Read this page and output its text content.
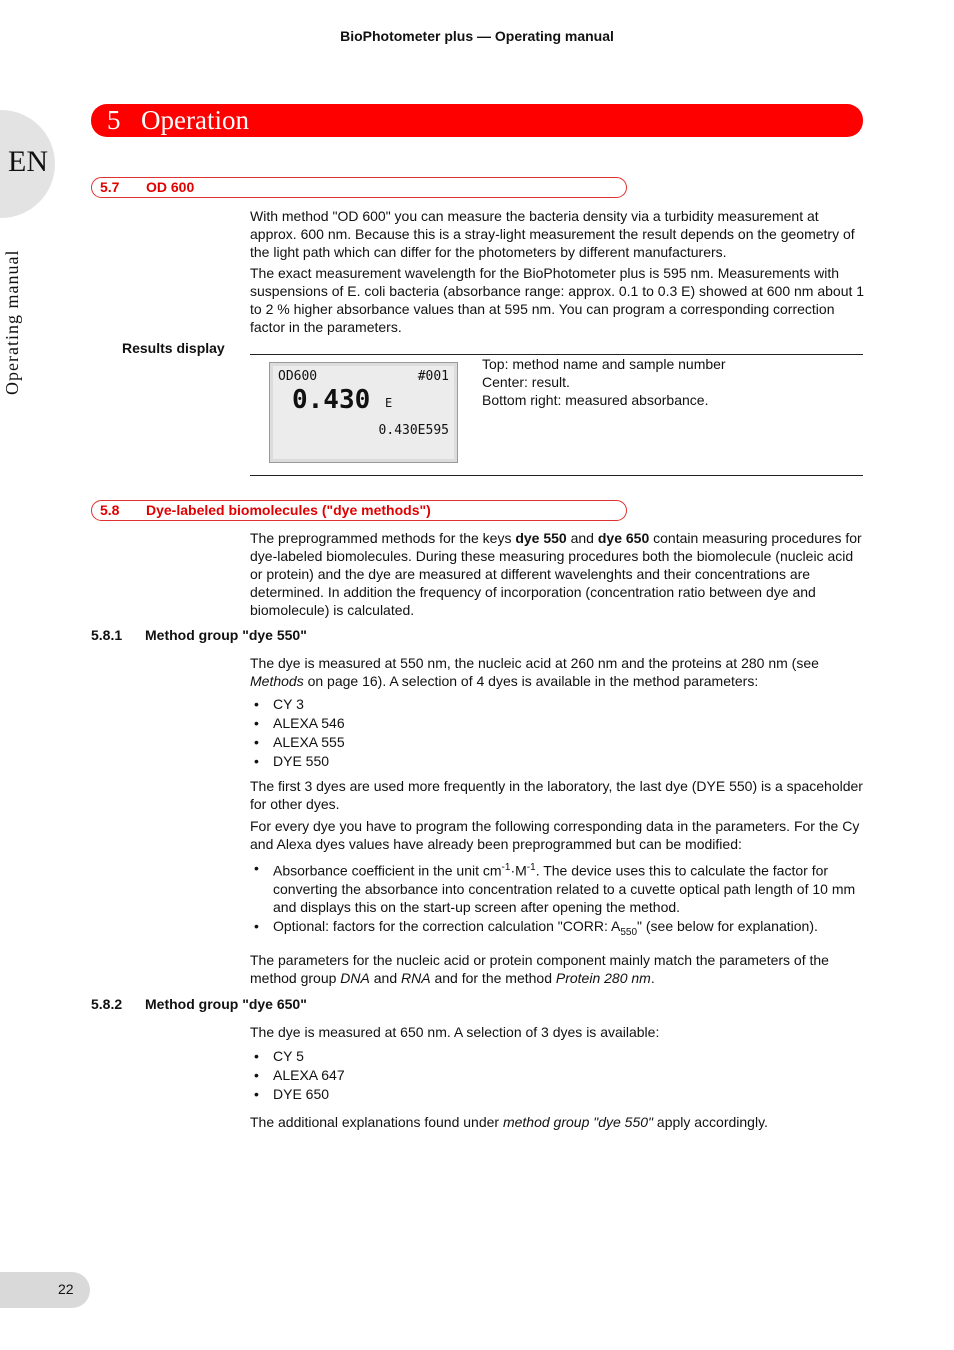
BioPhotometer plus — Operating manual
EN
Operating manual
5 Operation
5.7 OD 600

With method "OD 600" you can measure the bacteria density via a turbidity measurement at approx. 600 nm. Because this is a stray-light measurement the result depends on the geometry of the light path which can differ for the photometers by different manufacturers.

The exact measurement wavelength for the BioPhotometer plus is 595 nm. Measurements with suspensions of E. coli bacteria (absorbance range: approx. 0.1 to 0.3 E) showed at 600 nm about 1 to 2 % higher absorbance values than at 595 nm. You can program a corresponding correction factor in the parameters.

Results display
OD600	#001
0.430 E
0.430E595
Top: method name and sample number
Center: result.
Bottom right: measured absorbance.
5.8 Dye-labeled biomolecules ("dye methods")

The preprogrammed methods for the keys dye 550 and dye 650 contain measuring procedures for dye-labeled biomolecules. During these measuring procedures both the biomolecule (nucleic acid or protein) and the dye are measured at different wavelenghts and their concentrations are determined. In addition the frequency of incorporation (concentration ratio between dye and biomolecule) is calculated.

5.8.1 Method group "dye 550"

The dye is measured at 550 nm, the nucleic acid at 260 nm and the proteins at 280 nm (see Methods on page 16). A selection of 4 dyes is available in the method parameters:

• CY 3
• ALEXA 546
• ALEXA 555
• DYE 550

The first 3 dyes are used more frequently in the laboratory, the last dye (DYE 550) is a spaceholder for other dyes.

For every dye you have to program the following corresponding data in the parameters. For the Cy and Alexa dyes values have already been preprogrammed but can be modified:

• Absorbance coefficient in the unit $cm^{-1}\cdot M^{-1}$. The device uses this to calculate the factor for converting the absorbance into concentration related to a cuvette optical path length of 10 mm and displays this on the start-up screen after opening the method.
• Optional: factors for the correction calculation "CORR: $A_{550}$" (see below for explanation).

The parameters for the nucleic acid or protein component mainly match the parameters of the method group DNA and RNA and for the method Protein 280 nm.

5.8.2 Method group "dye 650"

The dye is measured at 650 nm. A selection of 3 dyes is available:

• CY 5
• ALEXA 647
• DYE 650

The additional explanations found under method group "dye 550" apply accordingly.

22
